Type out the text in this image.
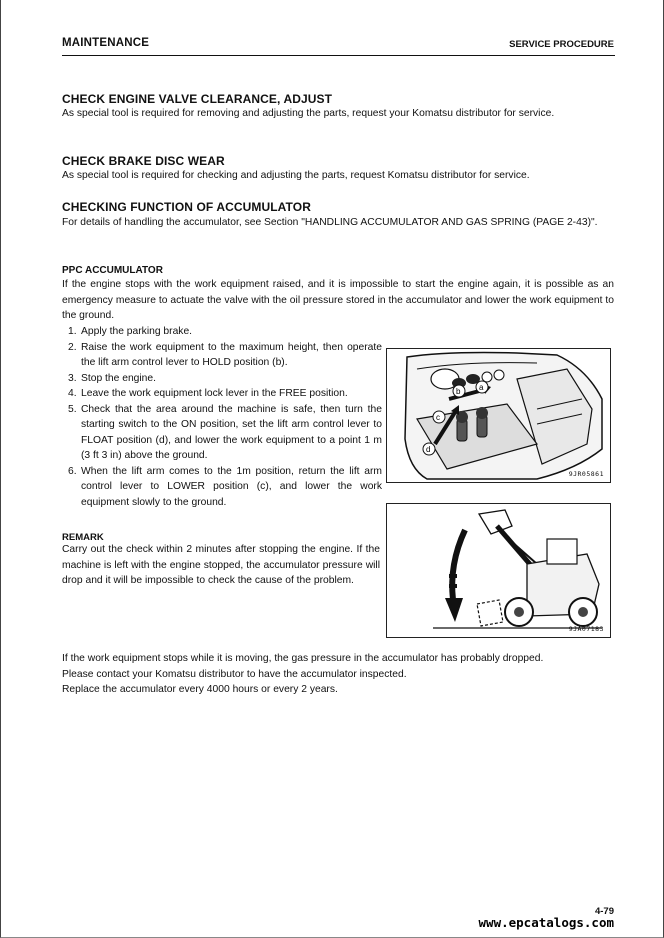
MAINTENANCE	SERVICE PROCEDURE
CHECK ENGINE VALVE CLEARANCE, ADJUST
As special tool is required for removing and adjusting the parts, request your Komatsu distributor for service.
CHECK BRAKE DISC WEAR
As special tool is required for checking and adjusting the parts, request Komatsu distributor for service.
CHECKING FUNCTION OF ACCUMULATOR
For details of handling the accumulator, see Section "HANDLING ACCUMULATOR AND GAS SPRING (PAGE 2-43)".
PPC ACCUMULATOR
If the engine stops with the work equipment raised, and it is impossible to start the engine again, it is possible as an emergency measure to actuate the valve with the oil pressure stored in the accumulator and lower the work equipment to the ground.
1. Apply the parking brake.
2. Raise the work equipment to the maximum height, then operate the lift arm control lever to HOLD position (b).
3. Stop the engine.
4. Leave the work equipment lock lever in the FREE position.
5. Check that the area around the machine is safe, then turn the starting switch to the ON position, set the lift arm control lever to FLOAT position (d), and lower the work equipment to a point 1 m (3 ft 3 in) above the ground.
6. When the lift arm comes to the 1m position, return the lift arm control lever to LOWER position (c), and lower the work equipment slowly to the ground.
a
b
c
d
9JR05861
9JA07183
REMARK
Carry out the check within 2 minutes after stopping the engine. If the machine is left with the engine stopped, the accumulator pressure will drop and it will be impossible to check the cause of the problem.
If the work equipment stops while it is moving, the gas pressure in the accumulator has probably dropped.
Please contact your Komatsu distributor to have the accumulator inspected.
Replace the accumulator every 4000 hours or every 2 years.
4-79
www.epcatalogs.com
